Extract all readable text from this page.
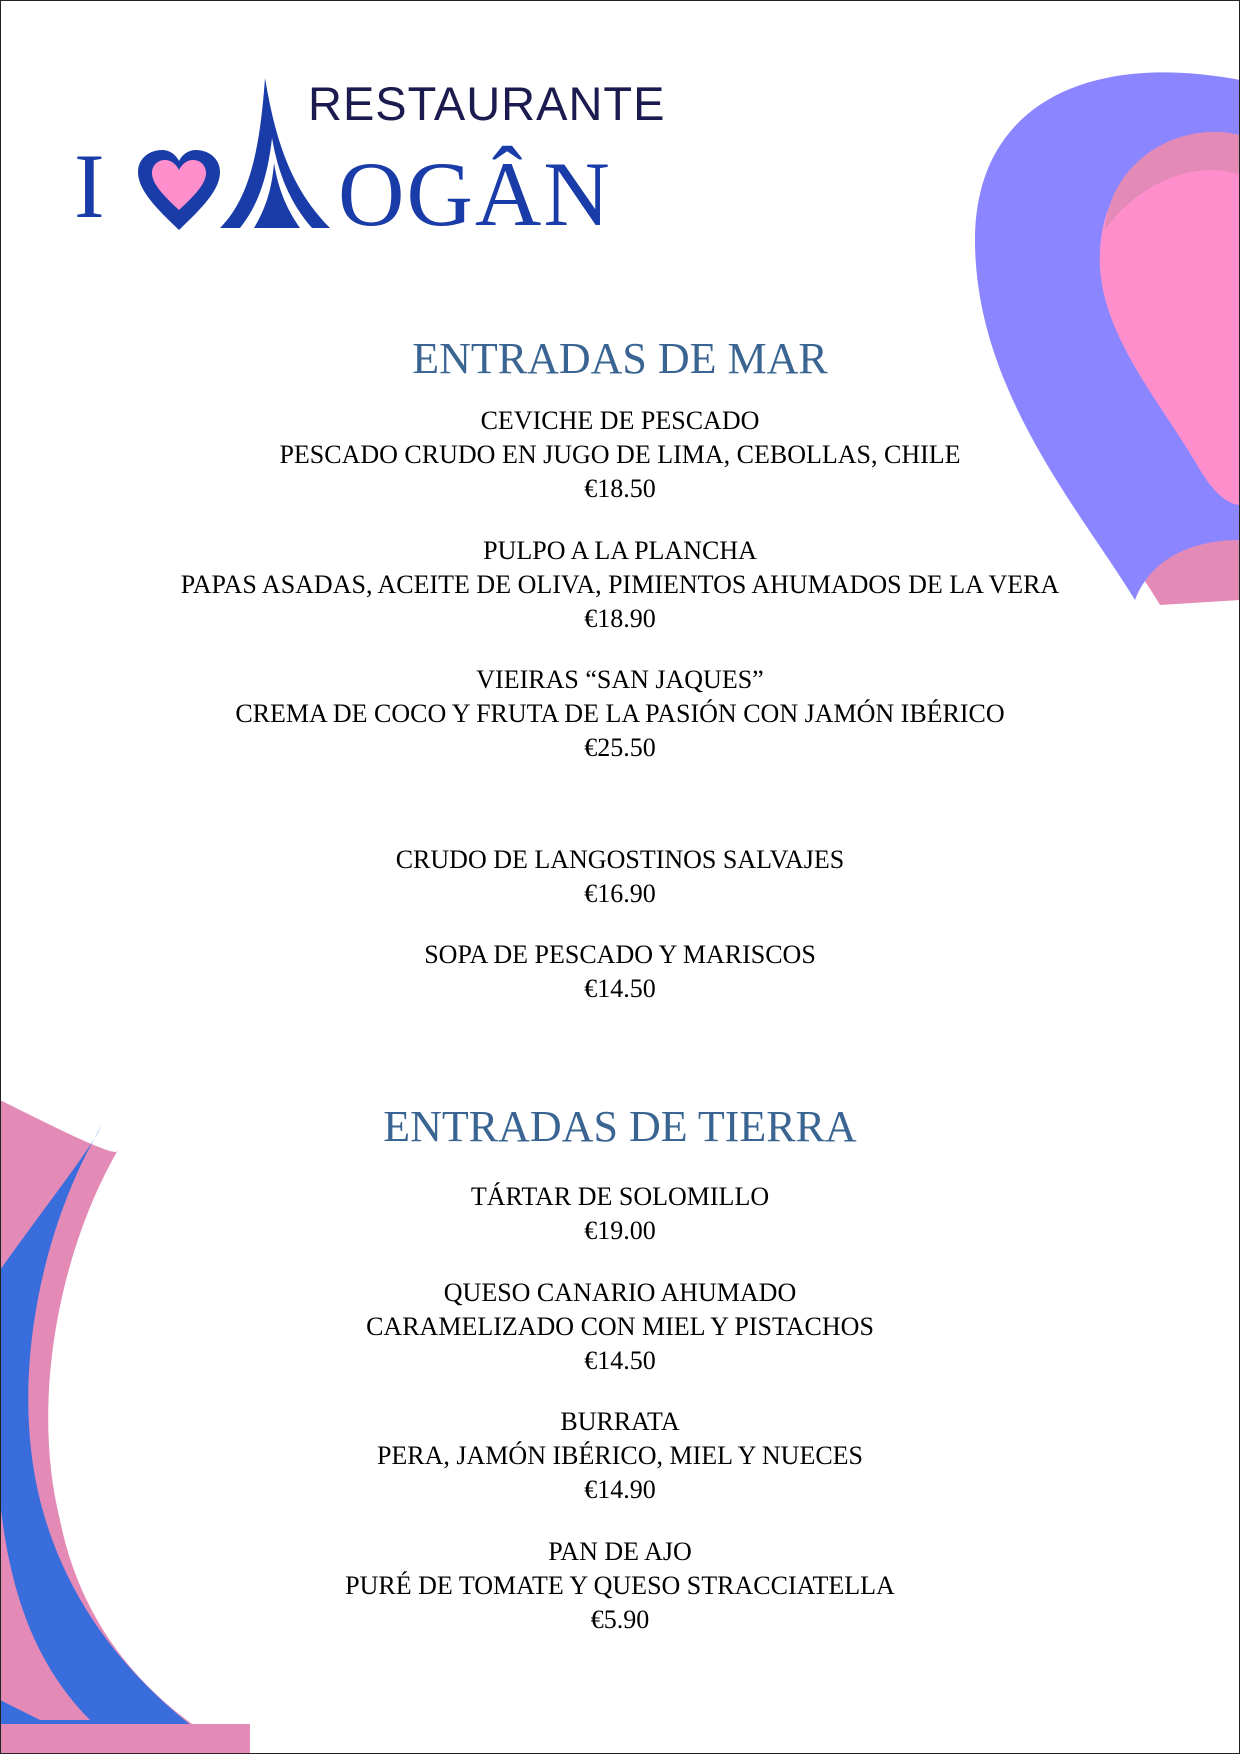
RESTAURANTE
I	OGÂN
ENTRADAS DE MAR
CEVICHE DE PESCADO
PESCADO CRUDO EN JUGO DE LIMA, CEBOLLAS, CHILE
€18.50
PULPO A LA PLANCHA
PAPAS ASADAS, ACEITE DE OLIVA, PIMIENTOS AHUMADOS DE LA VERA
€18.90
VIEIRAS “SAN JAQUES”
CREMA DE COCO Y FRUTA DE LA PASIÓN CON JAMÓN IBÉRICO
€25.50
CRUDO DE LANGOSTINOS SALVAJES
€16.90
SOPA DE PESCADO Y MARISCOS
€14.50
ENTRADAS DE TIERRA
TÁRTAR DE SOLOMILLO
€19.00
QUESO CANARIO AHUMADO
CARAMELIZADO CON MIEL Y PISTACHOS
€14.50
BURRATA
PERA, JAMÓN IBÉRICO, MIEL Y NUECES
€14.90
PAN DE AJO
PURÉ DE TOMATE Y QUESO STRACCIATELLA
€5.90
